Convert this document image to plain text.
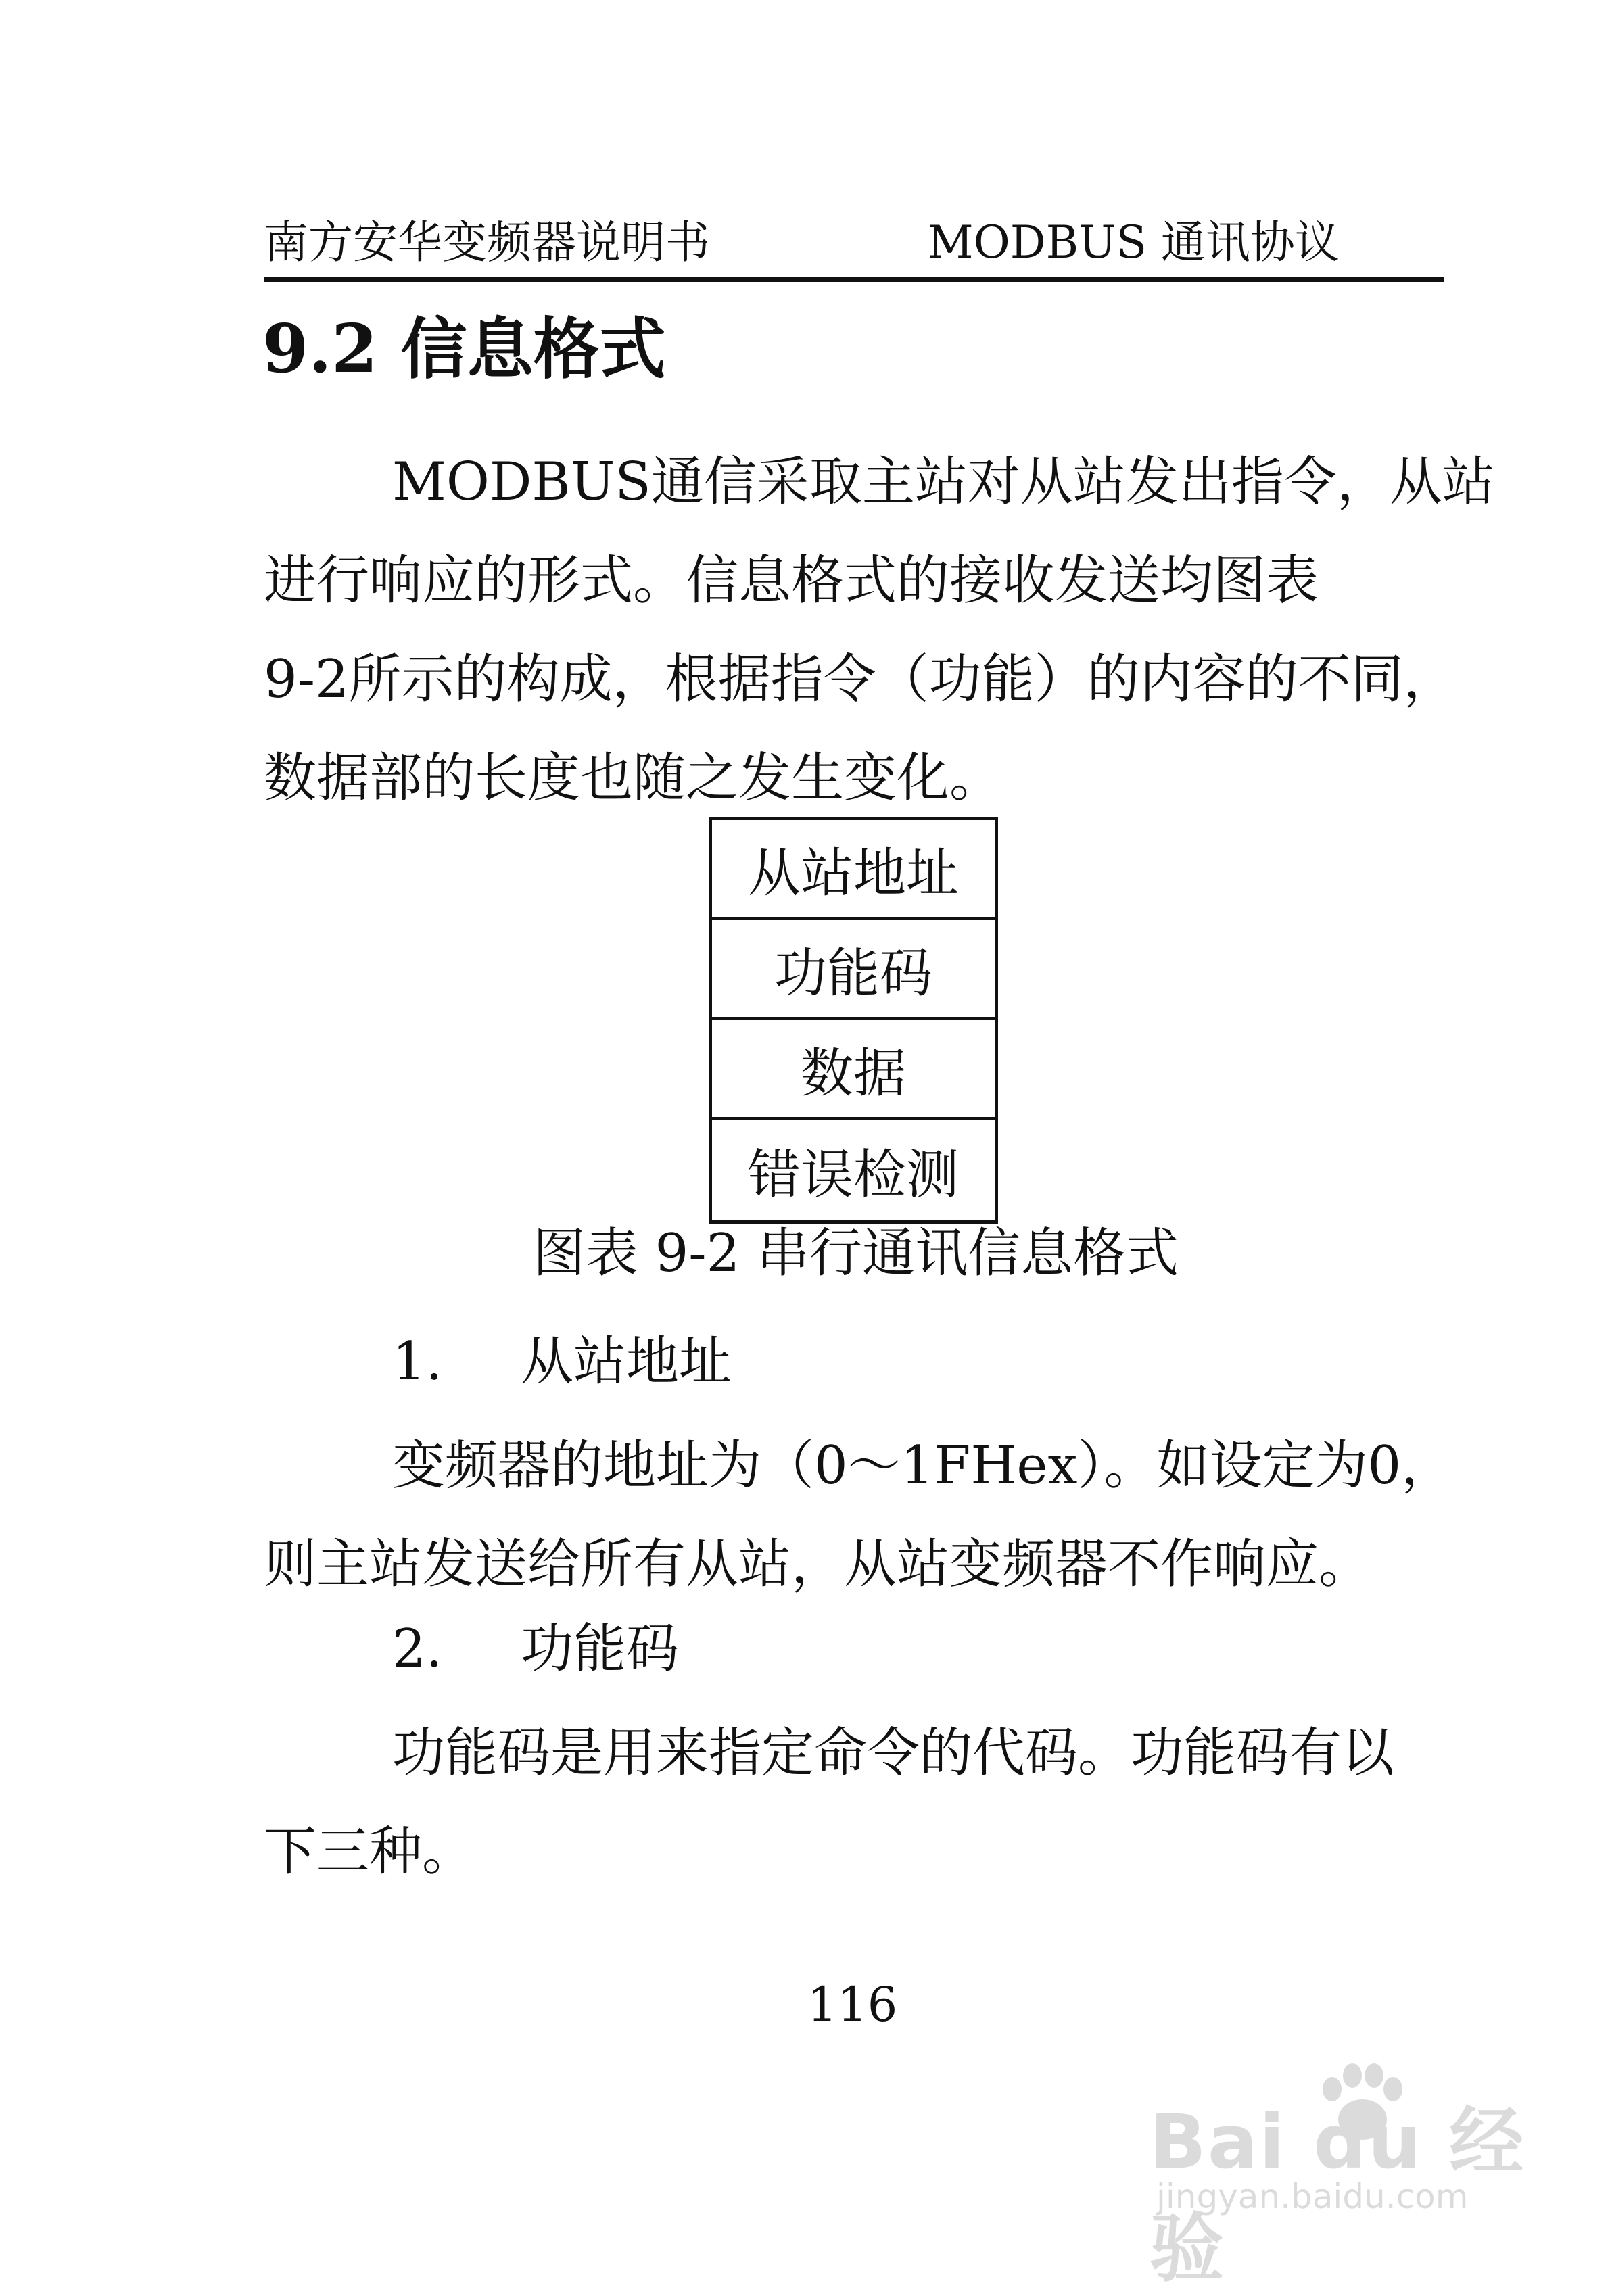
南方安华变频器说明书	MODBUS 通讯协议
9.2 信息格式
MODBUS通信采取主站对从站发出指令，从站
进行响应的形式。信息格式的接收发送均图表
9-2所示的构成，根据指令（功能）的内容的不同，
数据部的长度也随之发生变化。
从站地址
功能码
数据
错误检测
图表 9-2 串行通讯信息格式
1. 从站地址
变频器的地址为（0～1FHex）。如设定为0，
则主站发送给所有从站，从站变频器不作响应。
2. 功能码
功能码是用来指定命令的代码。功能码有以
下三种。
116
Bai du 经验
jingyan.baidu.com
